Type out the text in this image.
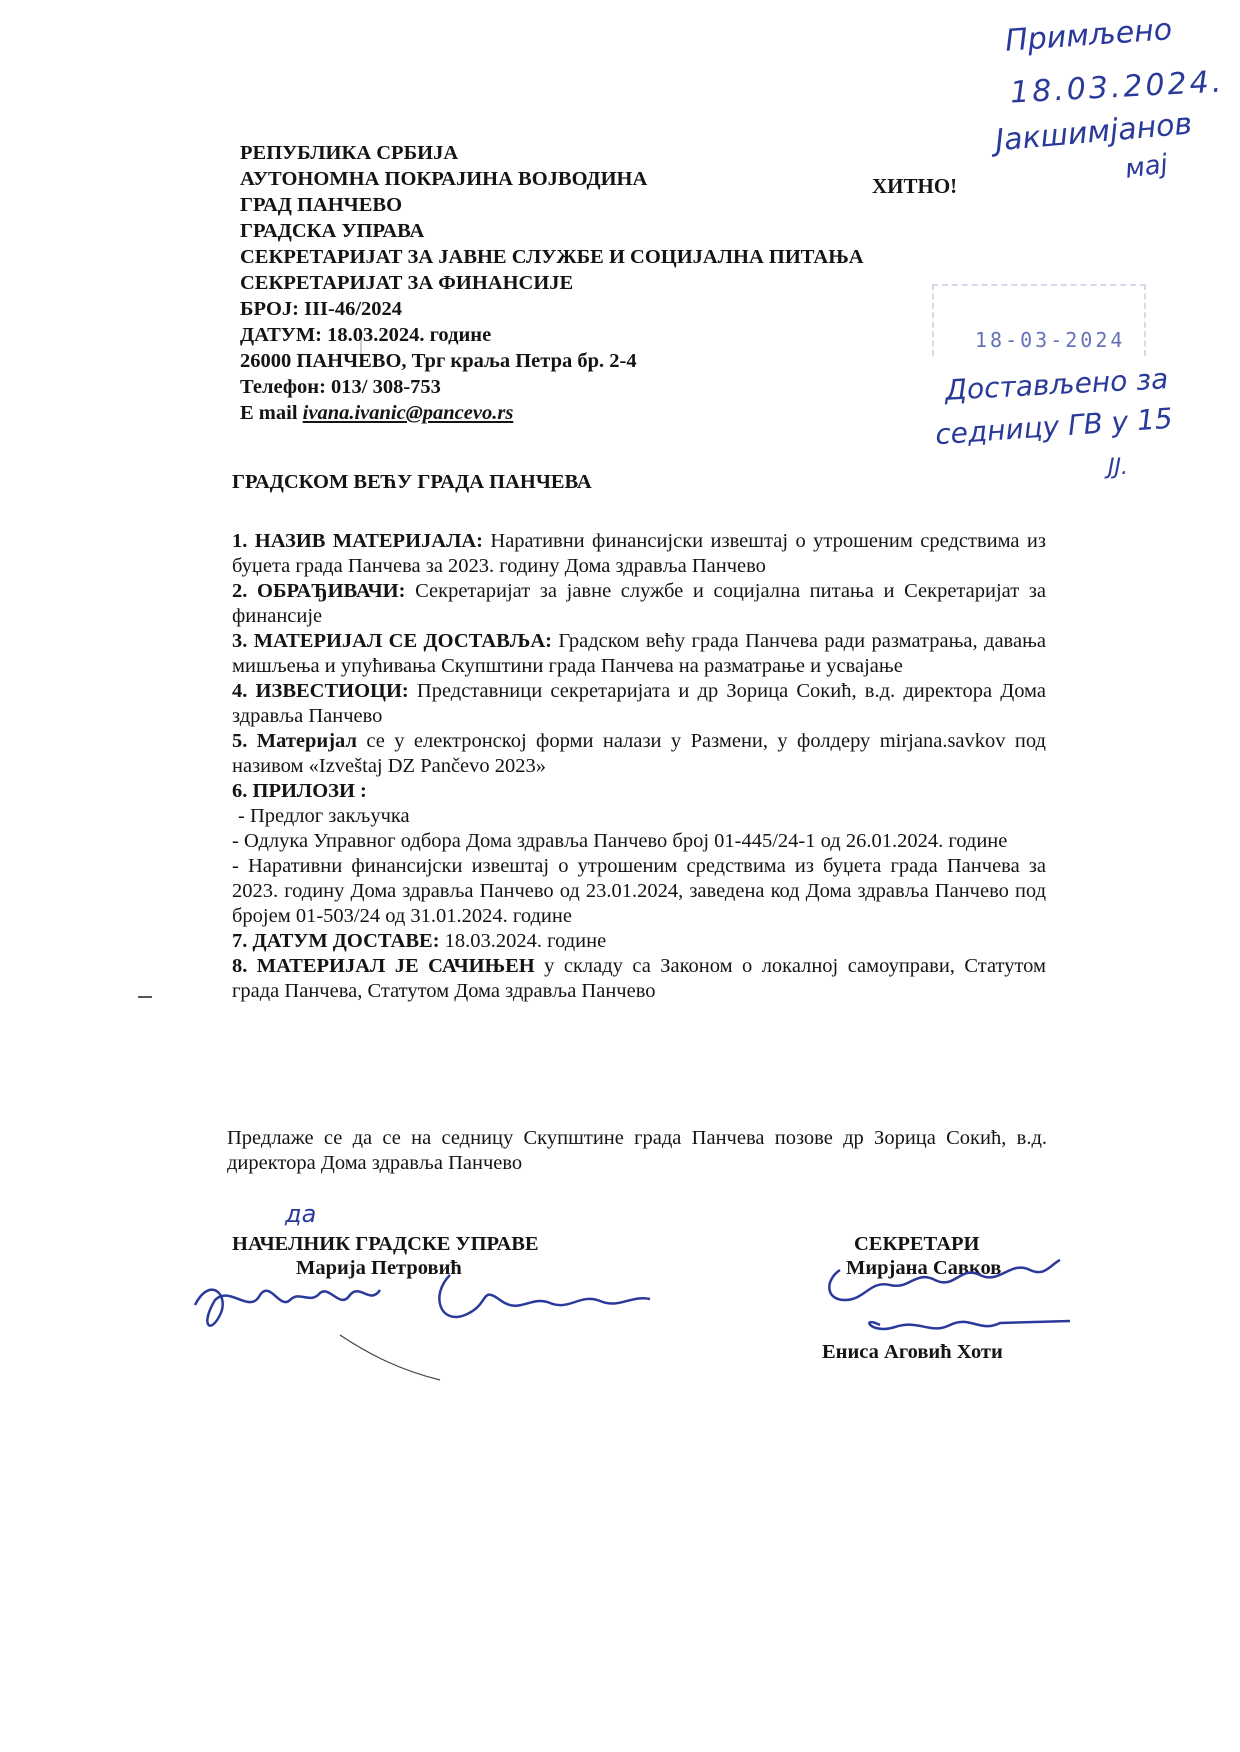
Примљено
18.03.2024.
Јакшимјанов
мај
18-03-2024
Достављено за
седницу ГВ у 15
ЈЈ.
РЕПУБЛИКА СРБИЈА
АУТОНОМНА ПОКРАЈИНА ВОЈВОДИНА
ГРАД ПАНЧЕВО
ГРАДСКА УПРАВА
СЕКРЕТАРИЈАТ ЗА ЈАВНЕ СЛУЖБЕ И СОЦИЈАЛНА ПИТАЊА
СЕКРЕТАРИЈАТ ЗА ФИНАНСИЈЕ
БРОЈ: III-46/2024
ДАТУМ: 18.03.2024. године
26000 ПАНЧЕВО, Трг краља Петра бр. 2-4
Телефон: 013/ 308-753
E mail ivana.ivanic@pancevo.rs
ХИТНО!
ГРАДСКОМ ВЕЋУ ГРАДА ПАНЧЕВА
1. НАЗИВ МАТЕРИЈАЛА: Наративни финансијски извештај о утрошеним средствима из буџета града Панчева за 2023. годину Дома здравља Панчево
2. ОБРАЂИВАЧИ: Секретаријат за јавне службе и социјална питања и Секретаријат за финансије
3. МАТЕРИЈАЛ СЕ ДОСТАВЉА: Градском већу града Панчева ради разматрања, давања мишљења и упућивања Скупштини града Панчева на разматрање и усвајање
4. ИЗВЕСТИОЦИ: Представници секретаријата и др Зорица Сокић, в.д. директора Дома здравља Панчево
5. Материјал се у електронској форми налази у Размени, у фолдеру mirjana.savkov под називом «Izveštaj DZ Pančevo 2023»
6. ПРИЛОЗИ :
- Предлог закључка
- Одлука Управног одбора Дома здравља Панчево број 01-445/24-1 од 26.01.2024. године
- Наративни финансијски извештај о утрошеним средствима из буџета града Панчева за 2023. годину Дома здравља Панчево од 23.01.2024, заведена код Дома здравља Панчево под бројем 01-503/24 од 31.01.2024. године
7. ДАТУМ ДОСТАВЕ: 18.03.2024. године
8. МАТЕРИЈАЛ ЈЕ САЧИЊЕН у складу са Законом о локалној самоуправи, Статутом града Панчева, Статутом Дома здравља Панчево
Предлаже се да се на седницу Скупштине града Панчева позове др Зорица Сокић, в.д. директора Дома здравља Панчево
да
НАЧЕЛНИК ГРАДСКЕ УПРАВЕ
Марија Петровић
СЕКРЕТАРИ
Мирјана Савков
Ениса Аговић Хоти
